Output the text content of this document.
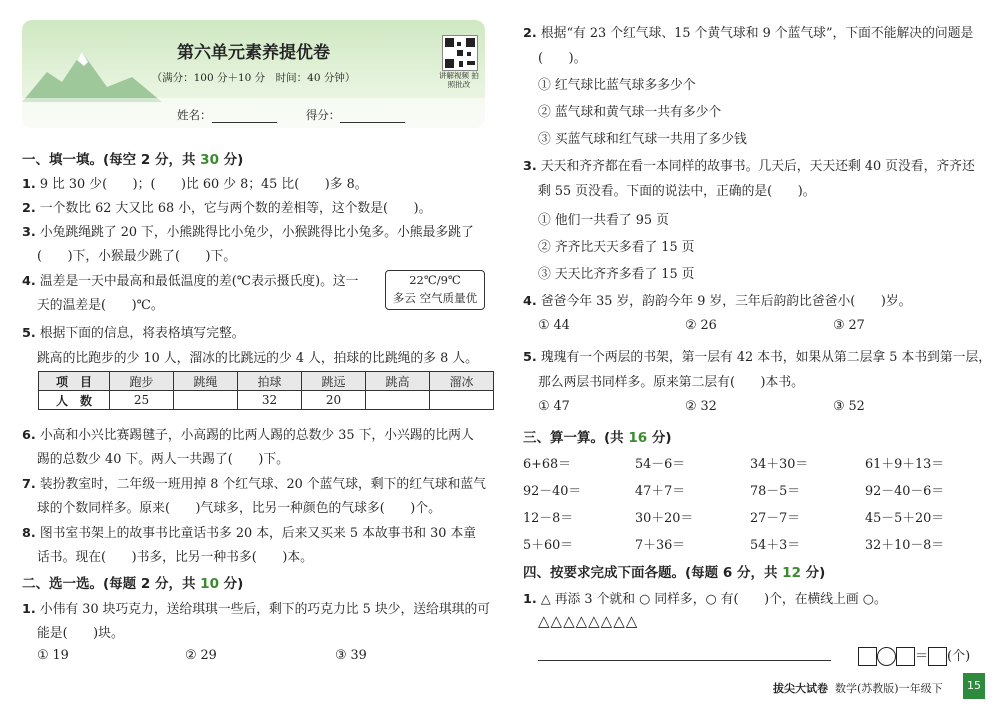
第六单元素养提优卷
（满分：100 分＋10 分　时间：40 分钟）	讲解视频 拍照批改
姓名：	得分：
一、填一填。(每空 2 分，共 30 分)
1. 9 比 30 少(　　)；(　　)比 60 少 8；45 比(　　)多 8。
2. 一个数比 62 大又比 68 小，它与两个数的差相等，这个数是(　　)。
3. 小兔跳绳跳了 20 下，小熊跳得比小兔少，小猴跳得比小兔多。小熊最多跳了
(　　)下，小猴最少跳了(　　)下。
4. 温差是一天中最高和最低温度的差(℃表示摄氏度)。这一
天的温差是(　　)℃。
22℃/9℃
多云 空气质量优
5. 根据下面的信息，将表格填写完整。
跳高的比跑步的少 10 人，溜冰的比跳远的少 4 人，拍球的比跳绳的多 8 人。
项　目	跑步	跳绳	拍球	跳远	跳高	溜冰
人　数	25		32	20		
6. 小高和小兴比赛踢毽子，小高踢的比两人踢的总数少 35 下，小兴踢的比两人
踢的总数少 40 下。两人一共踢了(　　)下。
7. 装扮教室时，二年级一班用掉 8 个红气球、20 个蓝气球，剩下的红气球和蓝气
球的个数同样多。原来(　　)气球多，比另一种颜色的气球多(　　)个。
8. 图书室书架上的故事书比童话书多 20 本，后来又买来 5 本故事书和 30 本童
话书。现在(　　)书多，比另一种书多(　　)本。
二、选一选。(每题 2 分，共 10 分)
1. 小伟有 30 块巧克力，送给琪琪一些后，剩下的巧克力比 5 块少，送给琪琪的可
能是(　　)块。
① 19	② 29	③ 39
2. 根据“有 23 个红气球、15 个黄气球和 9 个蓝气球”，下面不能解决的问题是
(　　)。
① 红气球比蓝气球多多少个
② 蓝气球和黄气球一共有多少个
③ 买蓝气球和红气球一共用了多少钱
3. 天天和齐齐都在看一本同样的故事书。几天后，天天还剩 40 页没看，齐齐还
剩 55 页没看。下面的说法中，正确的是(　　)。
① 他们一共看了 95 页
② 齐齐比天天多看了 15 页
③ 天天比齐齐多看了 15 页
4. 爸爸今年 35 岁，韵韵今年 9 岁，三年后韵韵比爸爸小(　　)岁。
① 44	② 26	③ 27
5. 瑰瑰有一个两层的书架，第一层有 42 本书，如果从第二层拿 5 本书到第一层，
那么两层书同样多。原来第二层有(　　)本书。
① 47	② 32	③ 52
三、算一算。(共 16 分)
6+68＝	54－6＝	34＋30＝	61＋9＋13＝
92－40＝	47＋7＝	78－5＝	92－40－6＝
12－8＝	30＋20＝	27－7＝	45－5＋20＝
5＋60＝	7＋36＝	54＋3＝	32＋10－8＝
四、按要求完成下面各题。(每题 6 分，共 12 分)
1. △ 再添 3 个就和 ○ 同样多，○ 有(　　)个，在横线上画 ○。
△△△△△△△△
＝ (个)
拔尖大试卷 数学(苏教版)一年级下	15
